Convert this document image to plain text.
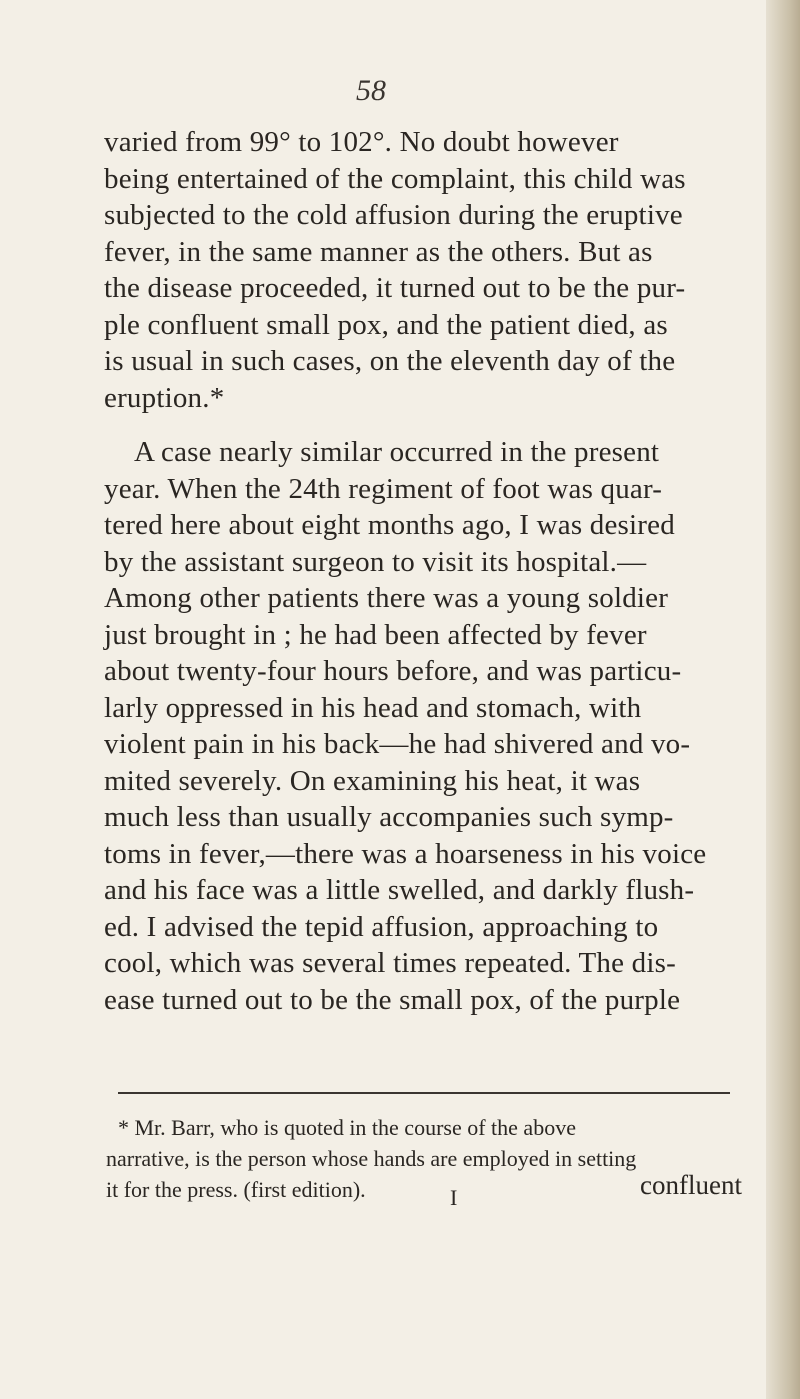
58
varied from 99° to 102°. No doubt however
being entertained of the complaint, this child was
subjected to the cold affusion during the eruptive
fever, in the same manner as the others. But as
the disease proceeded, it turned out to be the pur-
ple confluent small pox, and the patient died, as
is usual in such cases, on the eleventh day of the
eruption.*
A case nearly similar occurred in the present
year. When the 24th regiment of foot was quar-
tered here about eight months ago, I was desired
by the assistant surgeon to visit its hospital.—
Among other patients there was a young soldier
just brought in ; he had been affected by fever
about twenty-four hours before, and was particu-
larly oppressed in his head and stomach, with
violent pain in his back—he had shivered and vo-
mited severely. On examining his heat, it was
much less than usually accompanies such symp-
toms in fever,—there was a hoarseness in his voice
and his face was a little swelled, and darkly flush-
ed. I advised the tepid affusion, approaching to
cool, which was several times repeated. The dis-
ease turned out to be the small pox, of the purple
* Mr. Barr, who is quoted in the course of the above
narrative, is the person whose hands are employed in setting
it for the press. (first edition).	confluent
I
